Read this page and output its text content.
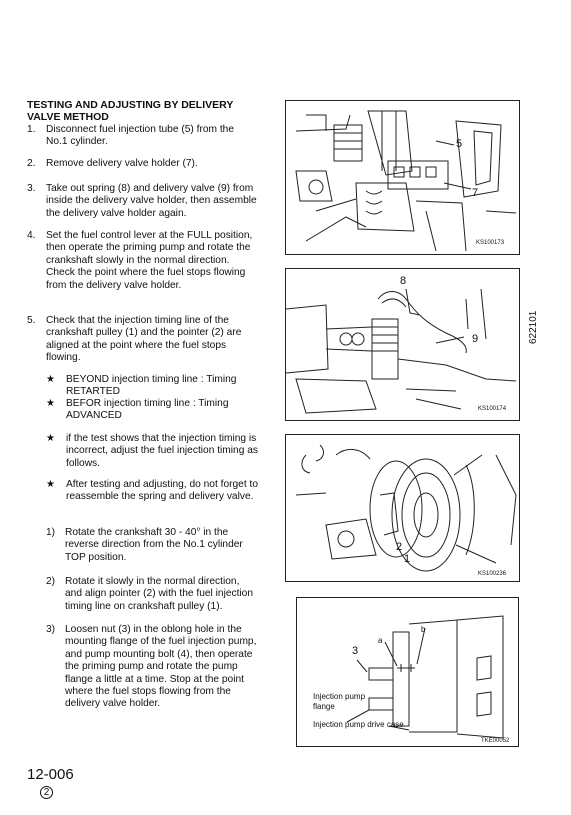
TESTING AND ADJUSTING BY DELIVERY VALVE METHOD
1. Disconnect fuel injection tube (5) from the No.1 cylinder.
2. Remove delivery valve holder (7).
3. Take out spring (8) and delivery valve (9) from inside the delivery valve holder, then assemble the delivery valve holder again.
4. Set the fuel control lever at the FULL position, then operate the priming pump and rotate the crankshaft slowly in the normal direction. Check the point where the fuel stops flowing from the delivery valve holder.
5. Check that the injection timing line of the crankshaft pulley (1) and the pointer (2) are aligned at the point where the fuel stops flowing.
★ BEYOND injection timing line : Timing RETARTED
★ BEFOR injection timing line : Timing ADVANCED
★ if the test shows that the injection timing is incorrect, adjust the fuel injection timing as follows.
★ After testing and adjusting, do not forget to reassemble the spring and delivery valve.
1) Rotate the crankshaft 30 - 40° in the reverse direction from the No.1 cylinder TOP position.
2) Rotate it slowly in the normal direction, and align pointer (2) with the fuel injection timing line on crankshaft pulley (1).
3) Loosen nut (3) in the oblong hole in the mounting flange of the fuel injection pump, and pump mounting bolt (4), then operate the priming pump and rotate the pump flange a little at a time. Stop at the point where the fuel stops flowing from the delivery valve holder.
5
7
KS100173
8
9
KS100174
2
1
KS100236
3
a
b
Injection pump flange
Injection pump drive case
TKE00052
622101
12-006
2
